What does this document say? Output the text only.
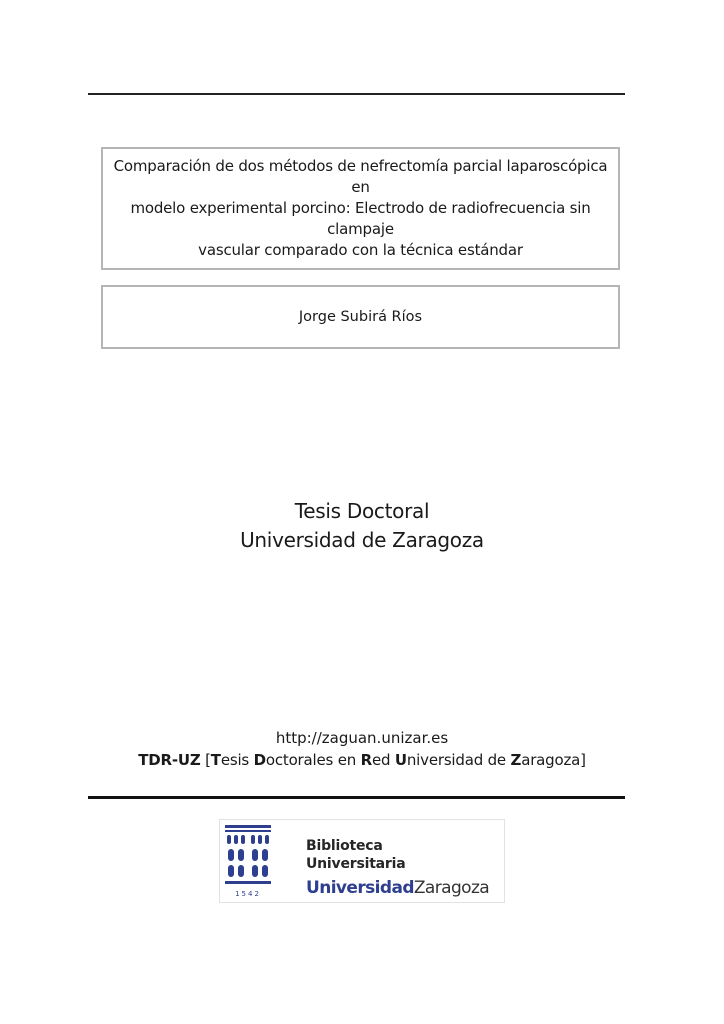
Comparación de dos métodos de nefrectomía parcial laparoscópica en
modelo experimental porcino: Electrodo de radiofrecuencia sin clampaje
vascular comparado con la técnica estándar
Jorge Subirá Ríos
Tesis Doctoral
Universidad de Zaragoza
http://zaguan.unizar.es
TDR-UZ [Tesis Doctorales en Red Universidad de Zaragoza]
1542
Biblioteca
Universitaria
UniversidadZaragoza
